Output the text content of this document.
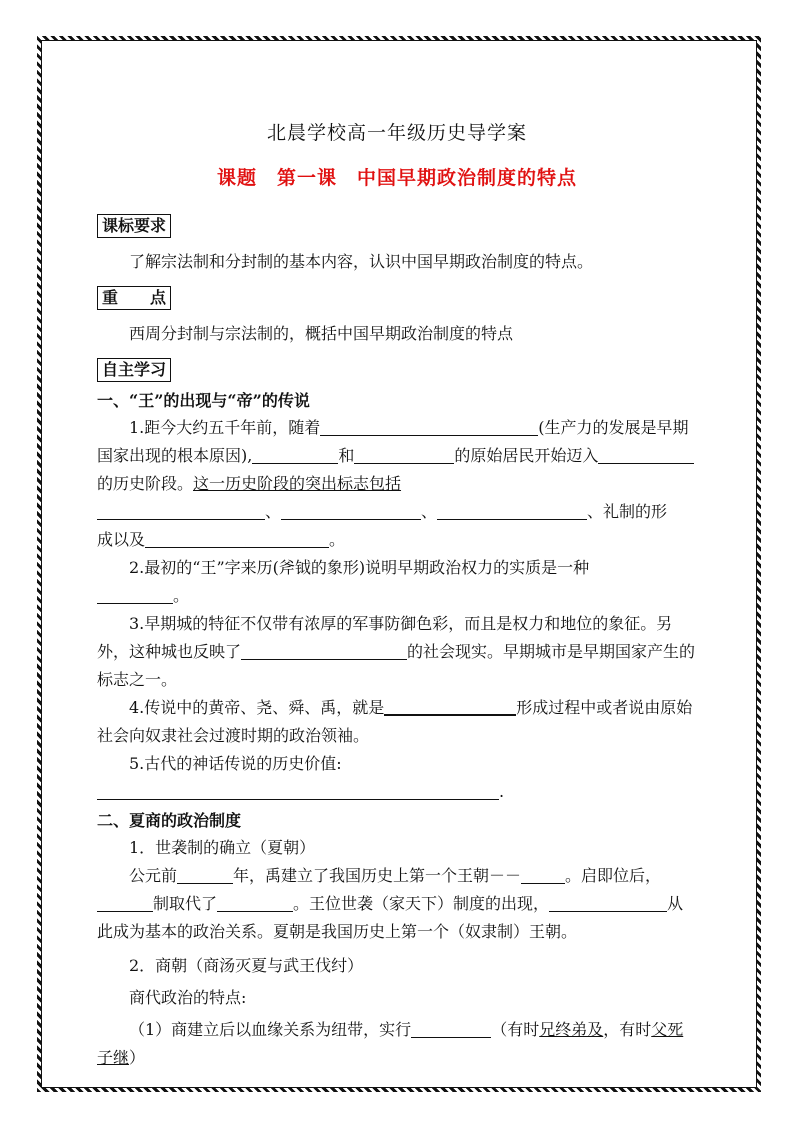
北晨学校高一年级历史导学案
课题　第一课　中国早期政治制度的特点
课标要求

了解宗法制和分封制的基本内容，认识中国早期政治制度的特点。

重　　点

西周分封制与宗法制的，概括中国早期政治制度的特点

自主学习
一、“王”的出现与“帝”的传说

1.距今大约五千年前，随着	(生产力的发展是早期国家出现的根本原因),	和	的原始居民开始迈入的历史阶段。这一历史阶段的突出标志包括

、	、	、礼制的形
成以及	。

2.最初的“王”字来历(斧钺的象形)说明早期政治权力的实质是一种
。

3.早期城的特征不仅带有浓厚的军事防御色彩，而且是权力和地位的象征。另外，这种城也反映了	的社会现实。早期城市是早期国家产生的标志之一。

4.传说中的黄帝、尧、舜、禹，就是	形成过程中或者说由原始社会向奴隶社会过渡时期的政治领袖。

5.古代的神话传说的历史价值:
.

二、夏商的政治制度

1．世袭制的确立（夏朝）

公元前	年，禹建立了我国历史上第一个王朝－－	。启即位后，制取代了	。王位世袭（家天下）制度的出现，	从此成为基本的政治关系。夏朝是我国历史上第一个（奴隶制）王朝。

2．商朝（商汤灭夏与武王伐纣）

商代政治的特点:

（1）商建立后以血缘关系为纽带，实行	（有时兄终弟及，有时父死子继）
